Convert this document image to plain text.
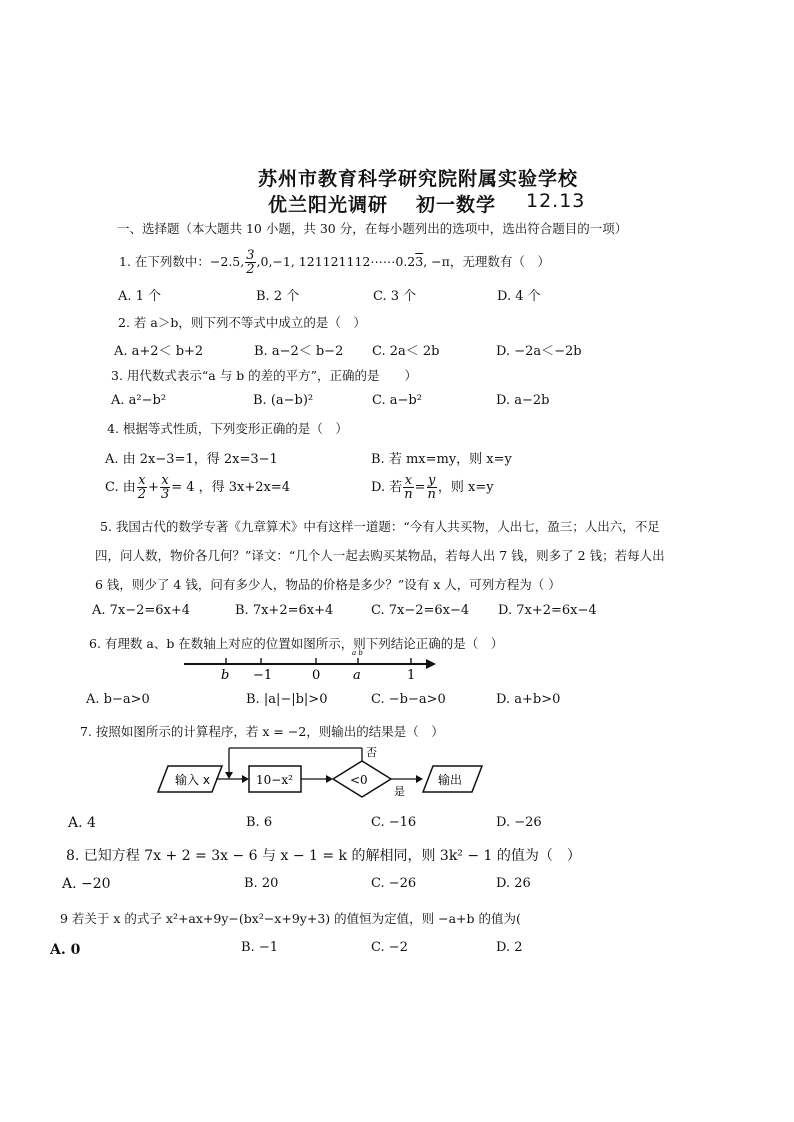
苏州市教育科学研究院附属实验学校
优兰阳光调研 初一数学 12.13
一、选择题（本大题共 10 小题，共 30 分，在每小题列出的选项中，选出符合题目的一项）
1. 在下列数中：−2.5, $\frac{3}{2} ,0,-1$, 121121112⋯⋯0.23, −π，无理数有（　）
A. 1 个	B. 2 个	C. 3 个	D. 4 个
2. 若 a＞b，则下列不等式中成立的是（　）
A. a+2＜ b+2	B. a−2＜ b−2 C. 2a＜ 2b	D. −2a＜−2b
3. 用代数式表示“a 与 b 的差的平方”，正确的是　　）
A. a²−b²	B. (a−b)²	C. a−b²	D. a−2b
4. 根据等式性质，下列变形正确的是（　）
A. 由 2x−3=1，得 2x=3−1	B. 若 mx=my，则 x=y
C. 由 $\frac{x}{2} + \frac{x}{3} = 4$ ，得 3x+2x=4	D. 若 $\frac{x}{n} = \frac{y}{n}$ ，则 x=y
5. 我国古代的数学专著《九章算术》中有这样一道题：“今有人共买物，人出七，盈三；人出六，不足
四，问人数，物价各几何？”译文：“几个人一起去购买某物品，若每人出 7 钱，则多了 2 钱；若每人出
6 钱，则少了 4 钱，问有多少人，物品的价格是多少？”设有 x 人，可列方程为（ ）
A. 7x−2=6x+4	B. 7x+2=6x+4	C. 7x−2=6x−4 D. 7x+2=6x−4
6. 有理数 a、b 在数轴上对应的位置如图所示，则下列结论正确的是（　）
b −1	0	a	1
a b
A. b−a>0	B. |a|−|b|>0	C. −b−a>0	D. a+b>0
7. 按照如图所示的计算程序，若 x = −2，则输出的结果是（　）
输入 x	10−x²	<0
否
是
输出
A. 4	B. 6	C. −16	D. −26
8. 已知方程 7x + 2 = 3x − 6 与 x − 1 = k 的解相同，则 3k² − 1 的值为（　）
A. −20	B. 20	C. −26	D. 26
9 若关于 x 的式子 x²+ax+9y−(bx²−x+9y+3) 的值恒为定值，则 −a+b 的值为(
A. 0	B. −1	C. −2	D. 2
